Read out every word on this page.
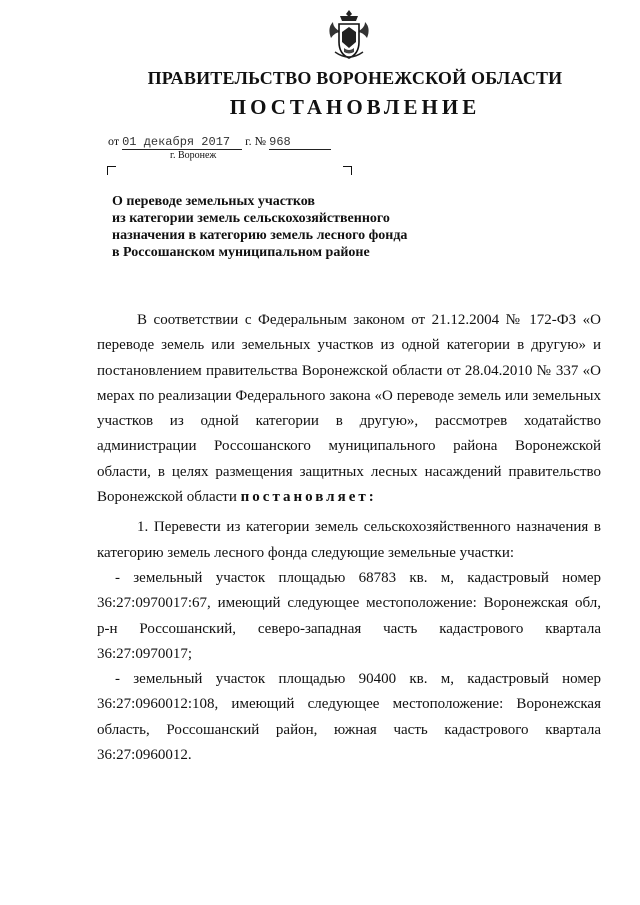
ПРАВИТЕЛЬСТВО ВОРОНЕЖСКОЙ ОБЛАСТИ
ПОСТАНОВЛЕНИЕ
от 01 декабря 2017 г. № 968
г. Воронеж
О переводе земельных участков
из категории земель сельскохозяйственного
назначения в категорию земель лесного фонда
в Россошанском муниципальном районе
В соответствии с Федеральным законом от 21.12.2004 № 172-ФЗ «О переводе земель или земельных участков из одной категории в другую» и постановлением правительства Воронежской области от 28.04.2010 № 337 «О мерах по реализации Федерального закона «О переводе земель или земельных участков из одной категории в другую», рассмотрев ходатайство администрации Россошанского муниципального района Воронежской области, в целях размещения защитных лесных насаждений правительство Воронежской области постановляет:
1. Перевести из категории земель сельскохозяйственного назначения в категорию земель лесного фонда следующие земельные участки:
- земельный участок площадью 68783 кв. м, кадастровый номер 36:27:0970017:67, имеющий следующее местоположение: Воронежская обл, р-н Россошанский, северо-западная часть кадастрового квартала 36:27:0970017;
- земельный участок площадью 90400 кв. м, кадастровый номер 36:27:0960012:108, имеющий следующее местоположение: Воронежская область, Россошанский район, южная часть кадастрового квартала 36:27:0960012.
